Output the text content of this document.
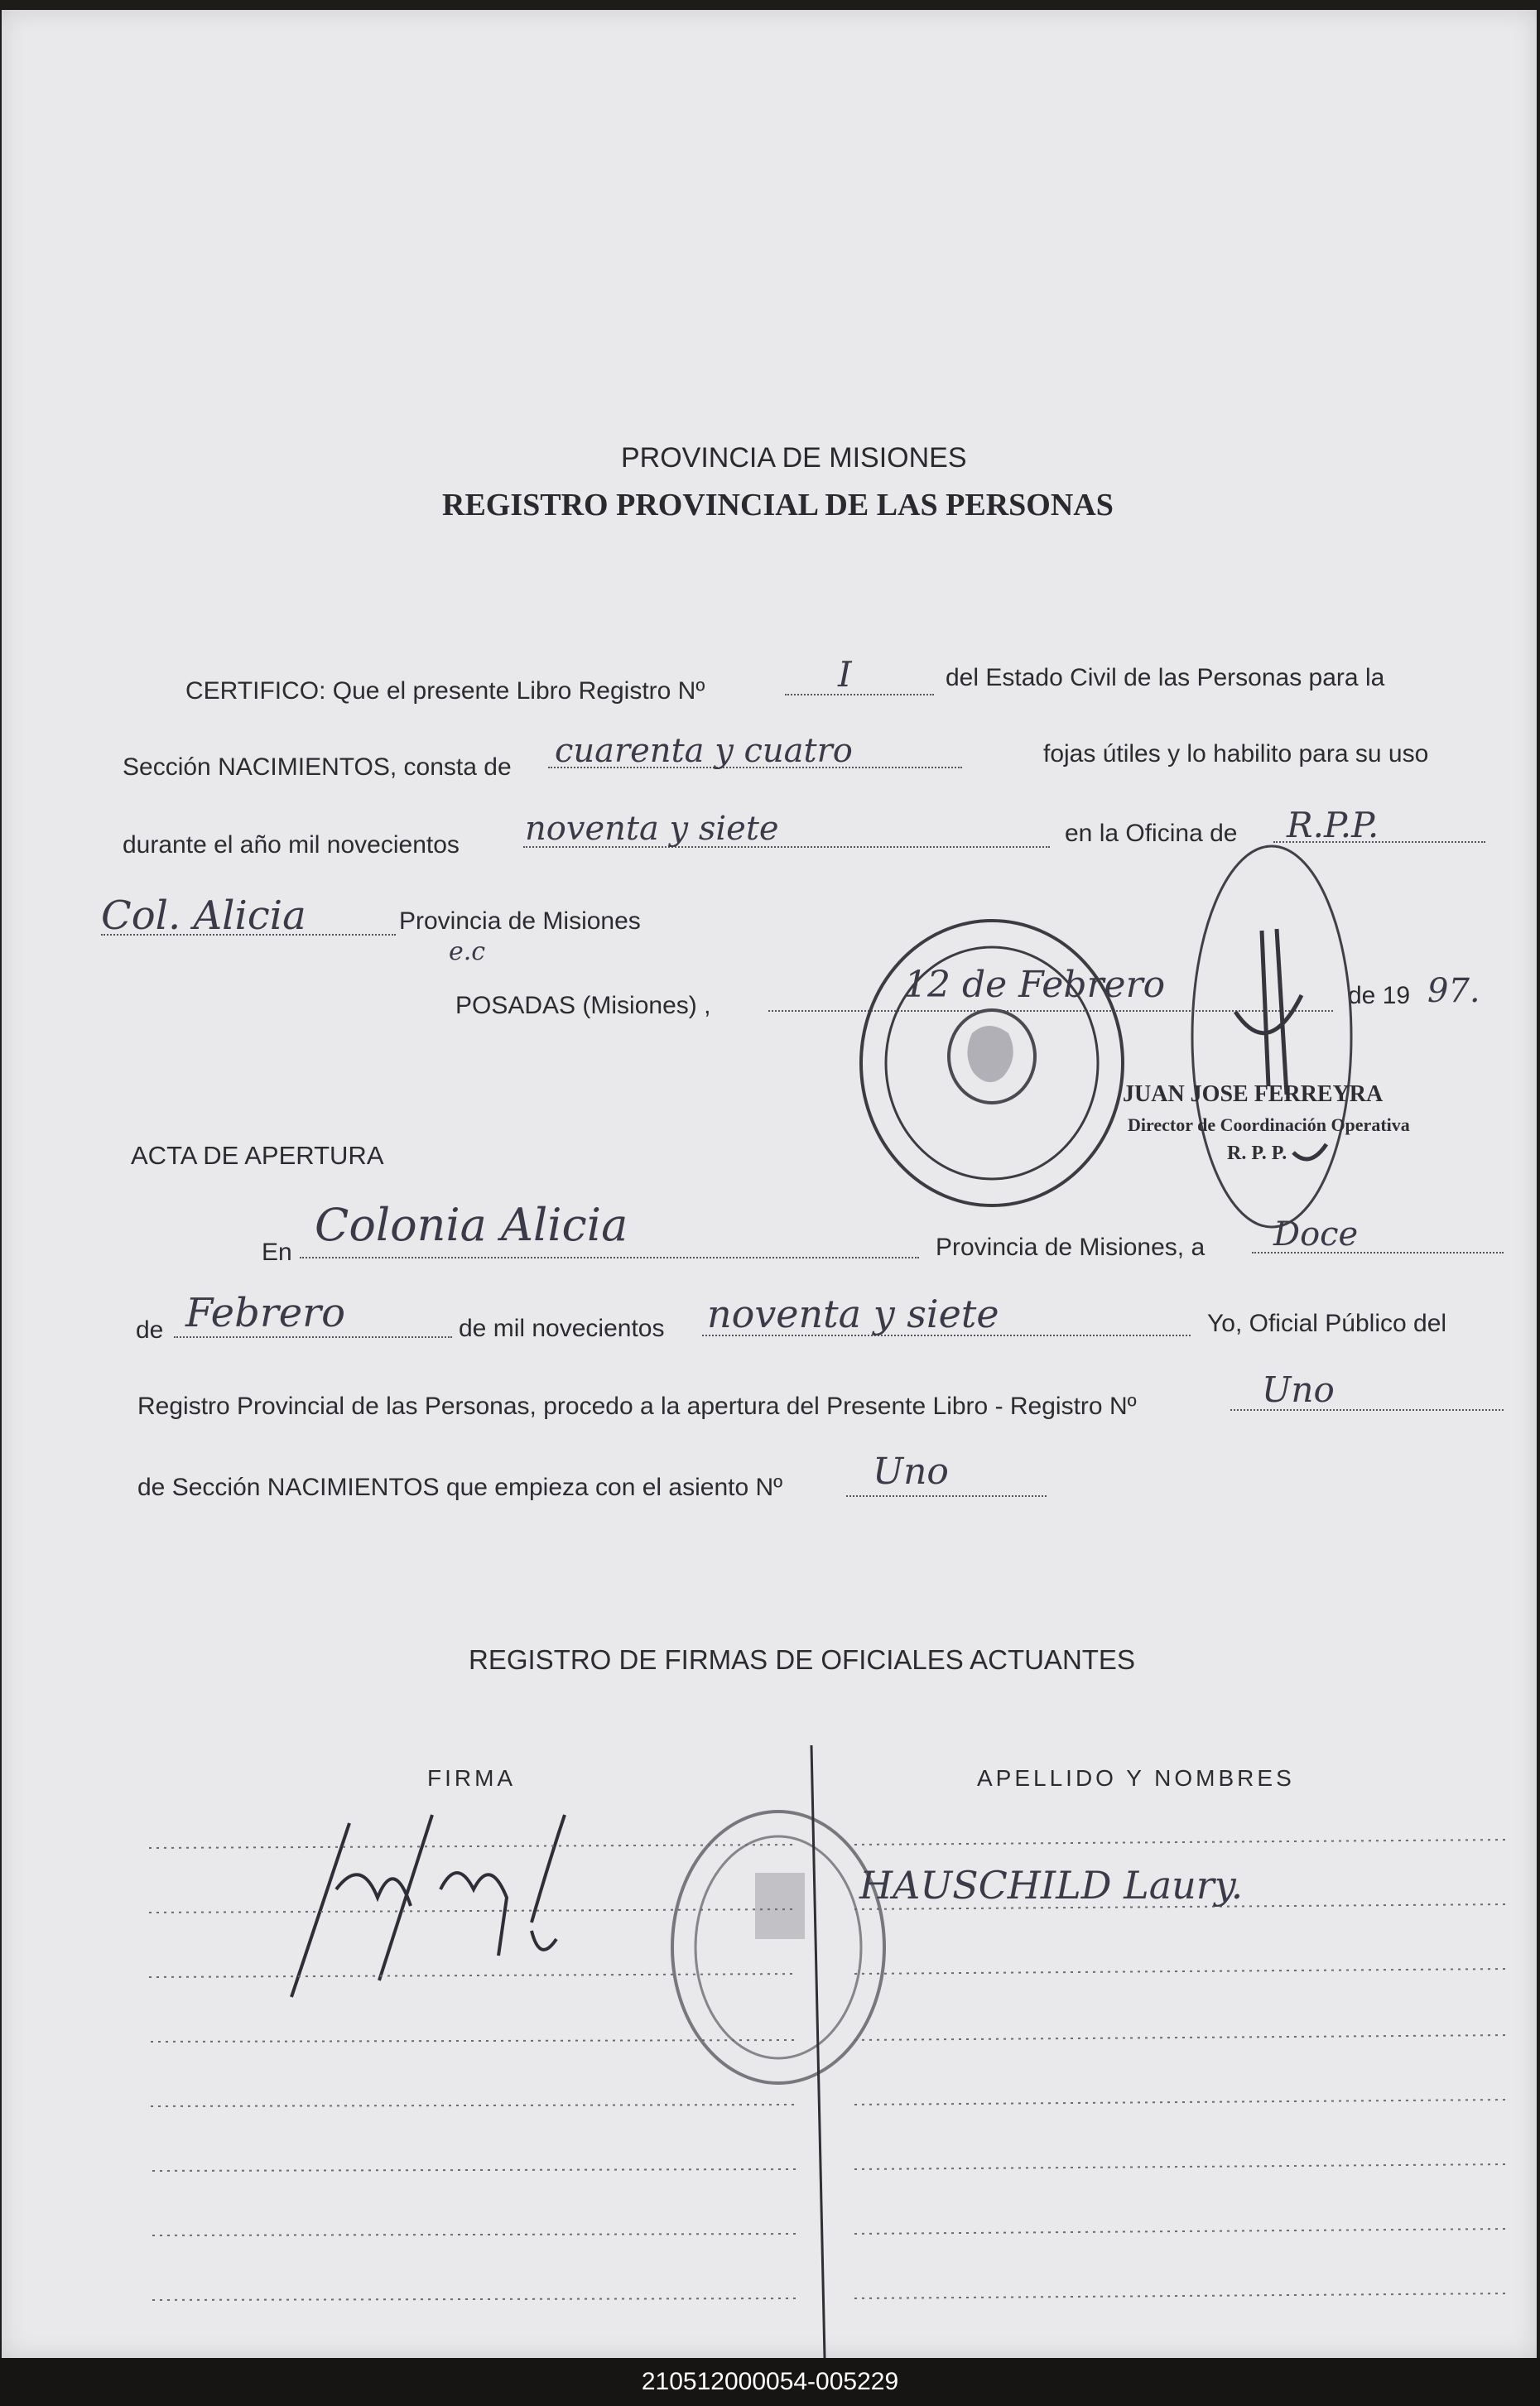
PROVINCIA DE MISIONES
REGISTRO PROVINCIAL DE LAS PERSONAS
CERTIFICO: Que el presente Libro Registro Nº	I	del Estado Civil de las Personas para la
Sección NACIMIENTOS, consta de cuarenta y cuatro	fojas útiles y lo habilito para su uso
durante el año mil novecientos noventa y siete	en la Oficina de R.P.P.
Col. Alicia	Provincia de Misiones
e.c
POSADAS (Misiones) ,	12 de Febrero	de 19 97.
JUAN JOSE FERREYRA
Director de Coordinación Operativa
R. P. P.
ACTA DE APERTURA
En
Colonia Alicia	Provincia de Misiones, a Doce
de Febrero	de mil novecientos noventa y siete	Yo, Oficial Público del
Registro Provincial de las Personas, procedo a la apertura del Presente Libro - Registro Nº	Uno
de Sección NACIMIENTOS que empieza con el asiento Nº Uno
REGISTRO DE FIRMAS DE OFICIALES ACTUANTES
FIRMA	APELLIDO Y NOMBRES
HAUSCHILD Laury.
210512000054-005229
